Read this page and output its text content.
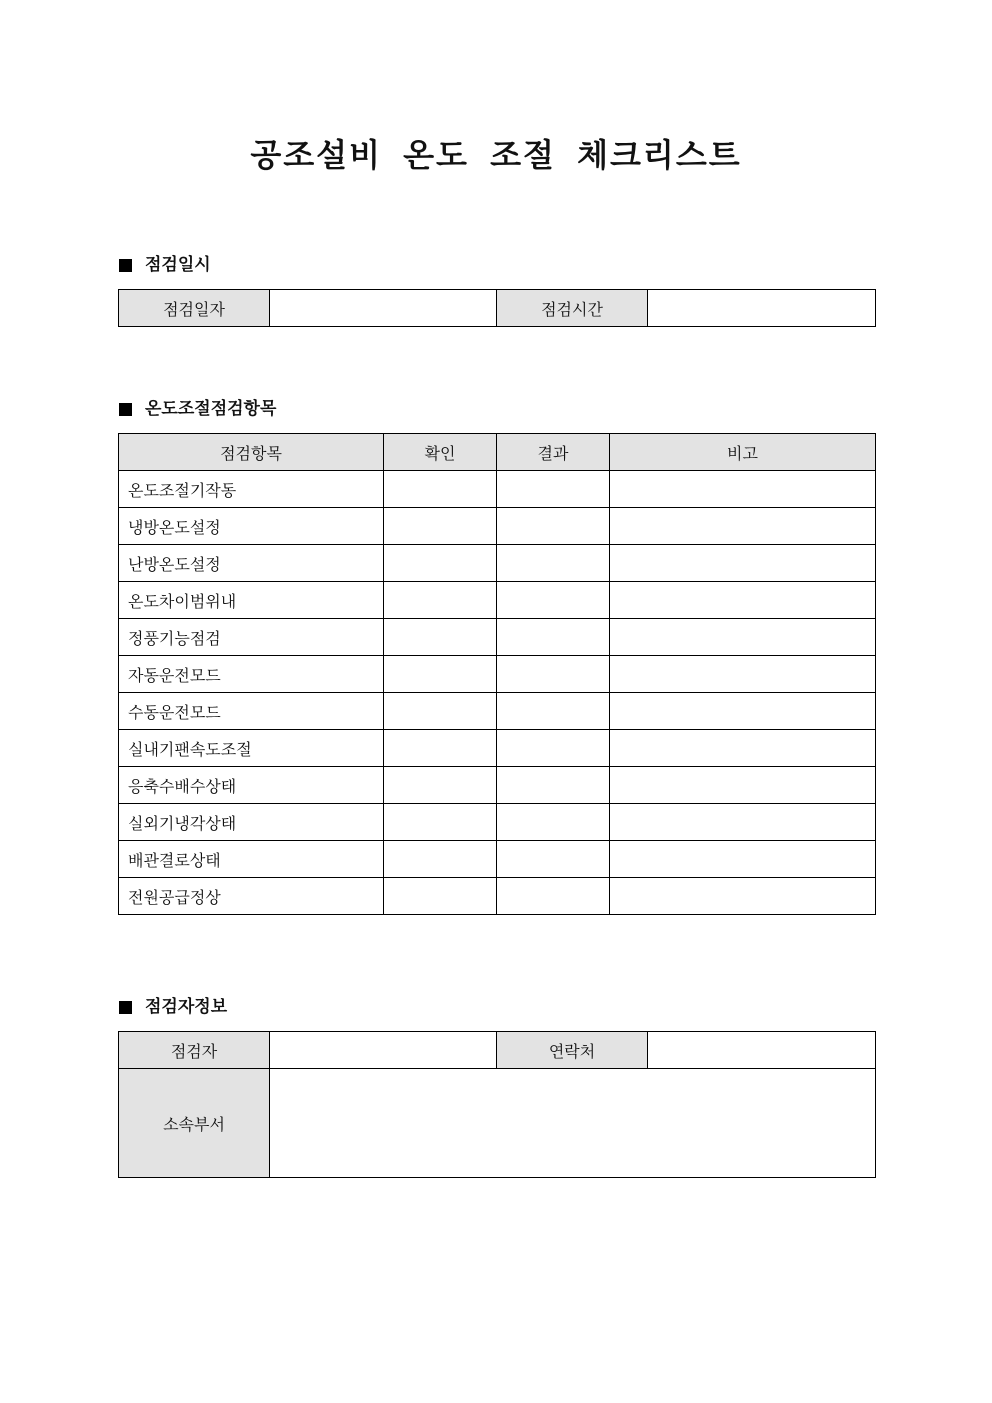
공조설비 온도 조절 체크리스트
점검일시
점검일자		점검시간	
온도조절점검항목
점검항목	확인	결과	비고
온도조절기작동			
냉방온도설정			
난방온도설정			
온도차이범위내			
정풍기능점검			
자동운전모드			
수동운전모드			
실내기팬속도조절			
응축수배수상태			
실외기냉각상태			
배관결로상태			
전원공급정상			
점검자정보
점검자		연락처	
소속부서			
